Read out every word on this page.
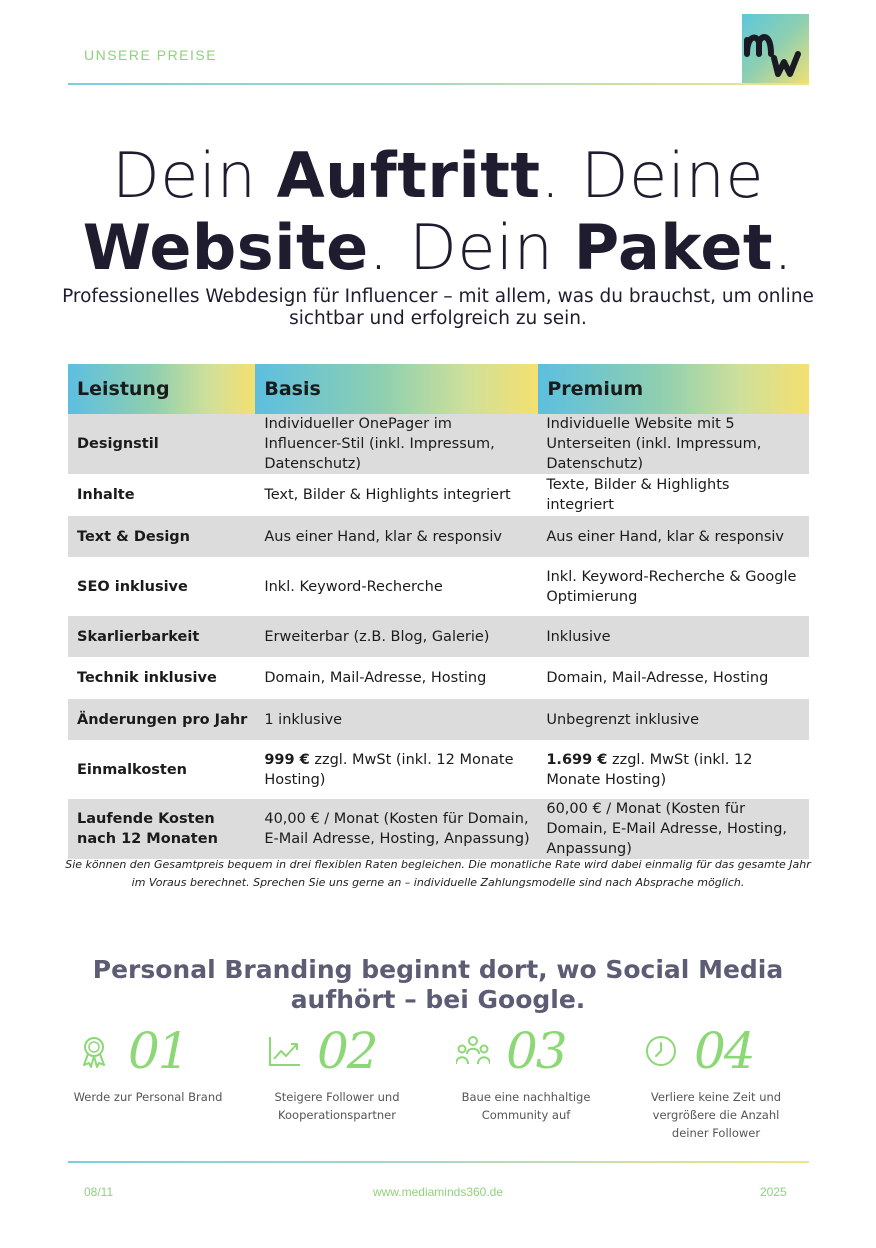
UNSERE PREISE
Dein Auftritt. Deine
Website. Dein Paket.
Professionelles Webdesign für Influencer – mit allem, was du brauchst, um online sichtbar und erfolgreich zu sein.
Leistung	Basis	Premium
Designstil	Individueller OnePager im Influencer-Stil (inkl. Impressum, Datenschutz)	Individuelle Website mit 5 Unterseiten (inkl. Impressum, Datenschutz)
Inhalte	Text, Bilder & Highlights integriert	Texte, Bilder & Highlights integriert
Text & Design	Aus einer Hand, klar & responsiv	Aus einer Hand, klar & responsiv
SEO inklusive	Inkl. Keyword-Recherche	Inkl. Keyword-Recherche & Google Optimierung
Skarlierbarkeit	Erweiterbar (z.B. Blog, Galerie)	Inklusive
Technik inklusive	Domain, Mail-Adresse, Hosting	Domain, Mail-Adresse, Hosting
Änderungen pro Jahr	1 inklusive	Unbegrenzt inklusive
Einmalkosten	999 € zzgl. MwSt (inkl. 12 Monate Hosting)	1.699 € zzgl. MwSt (inkl. 12 Monate Hosting)
Laufende Kosten nach 12 Monaten	40,00 € / Monat (Kosten für Domain, E-Mail Adresse, Hosting, Anpassung)	60,00 € / Monat (Kosten für Domain, E-Mail Adresse, Hosting, Anpassung)
Sie können den Gesamtpreis bequem in drei flexiblen Raten begleichen. Die monatliche Rate wird dabei einmalig für das gesamte Jahr im Voraus berechnet. Sprechen Sie uns gerne an – individuelle Zahlungsmodelle sind nach Absprache möglich.
Personal Branding beginnt dort, wo Social Media aufhört – bei Google.
01
Werde zur Personal Brand
02
Steigere Follower und Kooperationspartner
03
Baue eine nachhaltige Community auf
04
Verliere keine Zeit und vergrößere die Anzahl deiner Follower
08/11	www.mediaminds360.de	2025
